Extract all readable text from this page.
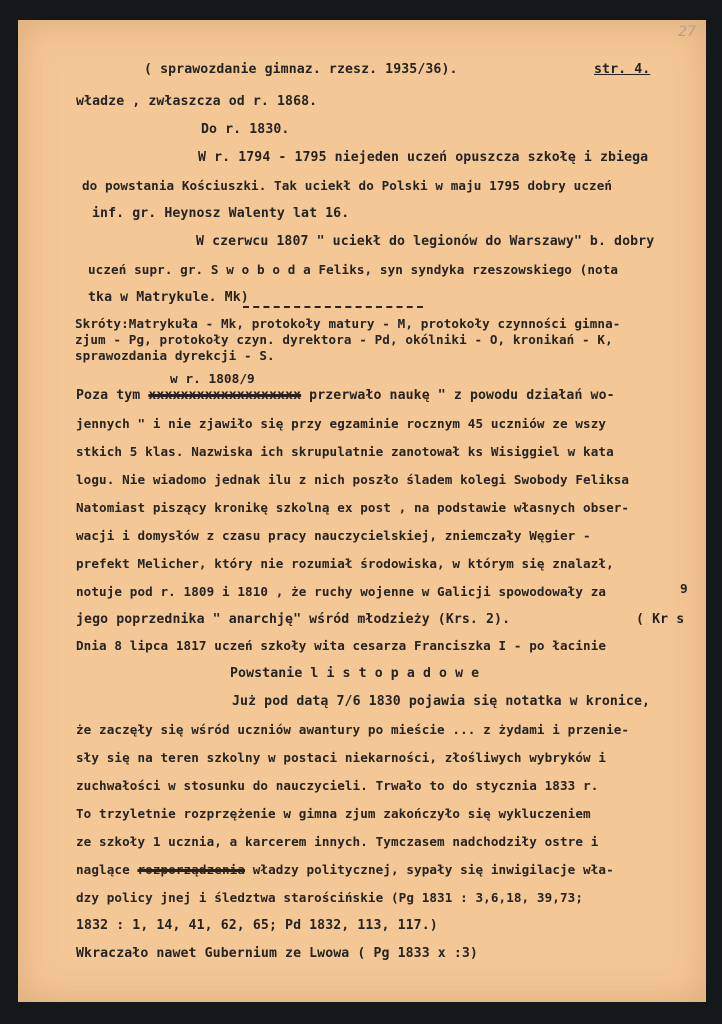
27
( sprawozdanie gimnaz. rzesz. 1935/36).	str. 4.
władze , zwłaszcza od r. 1868.
Do r. 1830.
W r. 1794 - 1795 niejeden uczeń opuszcza szkołę i zbiega
do powstania Kościuszki. Tak uciekł do Polski w maju 1795 dobry uczeń
inf. gr. Heynosz Walenty lat 16.
W czerwcu 1807 " uciekł do legionów do Warszawy" b. dobry
uczeń supr. gr. S w o b o d a Feliks, syn syndyka rzeszowskiego (nota
tka w Matrykule. Mk)
Skróty:Matrykuła - Mk, protokoły matury - M, protokoły czynności gimna-
zjum - Pg, protokoły czyn. dyrektora - Pd, okólniki - O, kronikań - K,
sprawozdania dyrekcji - S.
w r. 1808/9
Poza tym xxxxxxxxxxxxxxxxxxx przerwało naukę " z powodu działań wo-
jennych " i nie zjawiło się przy egzaminie rocznym 45 uczniów ze wszy
stkich 5 klas. Nazwiska ich skrupulatnie zanotował ks Wisiggiel w kata
logu. Nie wiadomo jednak ilu z nich poszło śladem kolegi Swobody Feliksa
Natomiast piszący kronikę szkolną ex post , na podstawie własnych obser-
wacji i domysłów z czasu pracy nauczycielskiej, zniemczały Węgier -
prefekt Melicher, który nie rozumiał środowiska, w którym się znalazł,
notuje pod r. 1809 i 1810 , że ruchy wojenne w Galicji spowodowały za
jego poprzednika " anarchję" wśród młodzieży (Krs. 2).
9
( Kr s
Dnia 8 lipca 1817 uczeń szkoły wita cesarza Franciszka I - po łacinie
Powstanie l i s t o p a d o w e
Już pod datą 7/6 1830 pojawia się notatka w kronice,
że zaczęły się wśród uczniów awantury po mieście ... z żydami i przenie-
sły się na teren szkolny w postaci niekarności, złośliwych wybryków i
zuchwałości w stosunku do nauczycieli. Trwało to do stycznia 1833 r.
To trzyletnie rozprzężenie w gimna zjum zakończyło się wykluczeniem
ze szkoły 1 ucznia, a karcerem innych. Tymczasem nadchodziły ostre i
naglące rozporządzenia władzy politycznej, sypały się inwigilacje wła-
dzy policy jnej i śledztwa starościńskie (Pg 1831 : 3,6,18, 39,73;
1832 : 1, 14, 41, 62, 65; Pd 1832, 113, 117.)
Wkraczało nawet Gubernium ze Lwowa ( Pg 1833 x :3)
